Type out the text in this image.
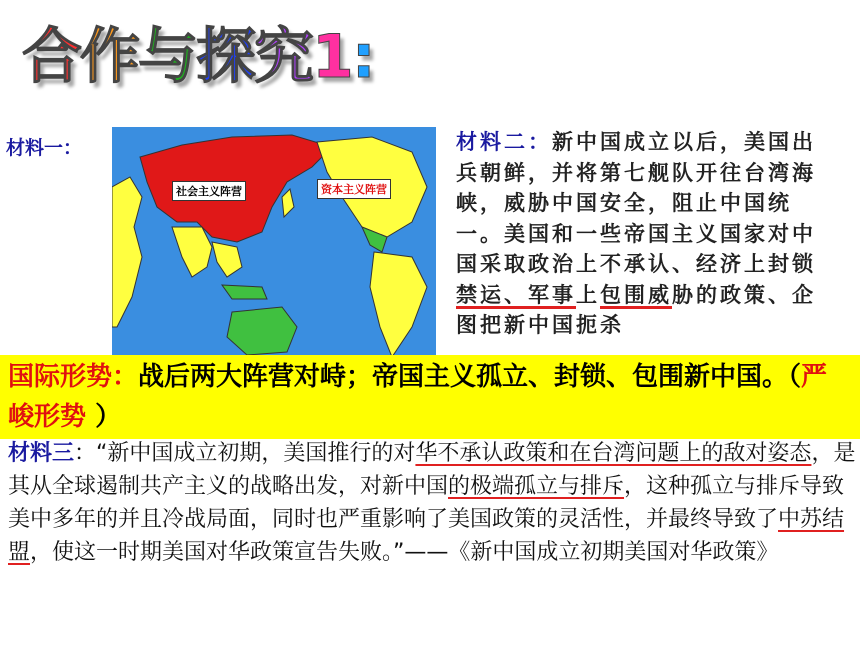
合 作 与 探 究 1 :
材料一：
社会主义阵营	资本主义阵营
材料二：新中国成立以后，美国出兵朝鲜，并将第七舰队开往台湾海峡，威胁中国安全，阻止中国统一。美国和一些帝国主义国家对中国采取政治上不承认、经济上封锁禁运、军事上包围威胁的政策、企图把新中国扼杀
国际形势：战后两大阵营对峙；帝国主义孤立、封锁、包围新中国。（严峻形势 ）
材料三：“新中国成立初期，美国推行的对华不承认政策和在台湾问题上的敌对姿态，是其从全球遏制共产主义的战略出发，对新中国的极端孤立与排斥，这种孤立与排斥导致美中多年的并且冷战局面，同时也严重影响了美国政策的灵活性，并最终导致了中苏结盟，使这一时期美国对华政策宣告失败。”——《新中国成立初期美国对华政策》
